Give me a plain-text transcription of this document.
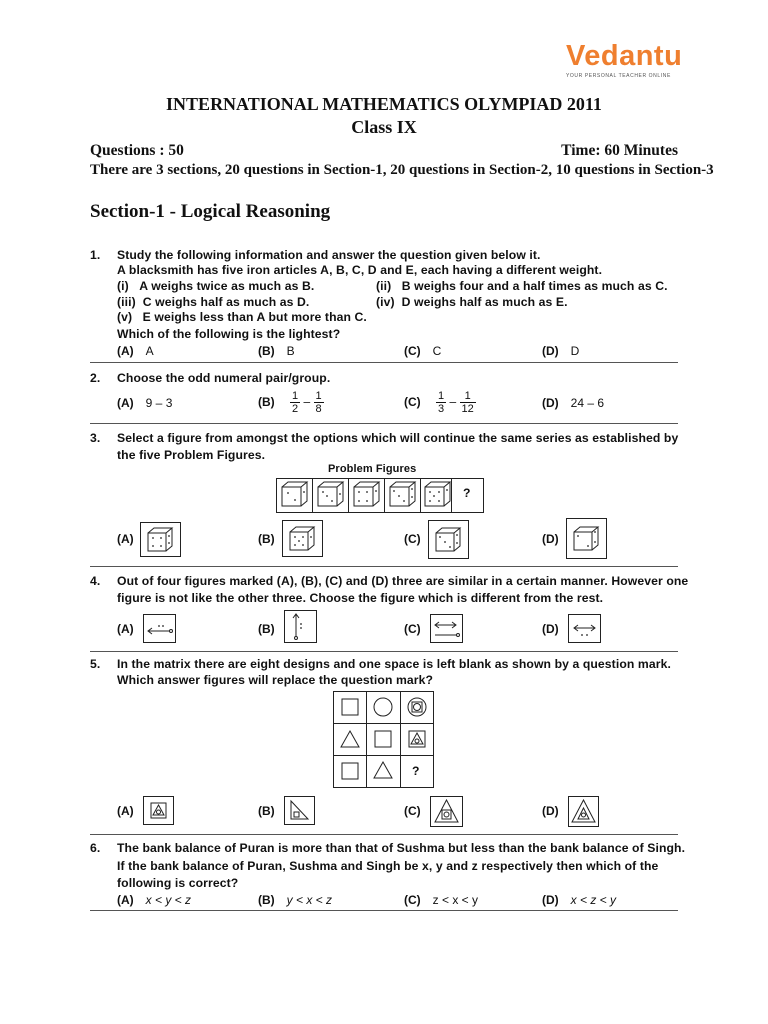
Vedantu
YOUR PERSONAL TEACHER ONLINE
INTERNATIONAL MATHEMATICS OLYMPIAD 2011
Class IX
Questions : 50	Time: 60 Minutes
There are 3 sections, 20 questions in Section-1, 20 questions in Section-2, 10 questions in Section-3
Section-1 - Logical Reasoning
1. Study the following information and answer the question given below it.
A blacksmith has five iron articles A, B, C, D and E, each having a different weight.
(i) A weighs twice as much as B.	(ii) B weighs four and a half times as much as C.
(iii) C weighs half as much as D.	(iv) D weighs half as much as E.
(v) E weighs less than A but more than C.
Which of the following is the lightest?
(A) A	(B) B	(C) C	(D) D
2. Choose the odd numeral pair/group.
(A) 9 – 3	$(B) \frac{1}{2} - \frac{1}{8}$	$(C) \frac{1}{3} - \frac{1}{12}$	(D) 24 – 6
3. Select a figure from amongst the options which will continue the same series as established by
the five Problem Figures.
Problem Figures
?
(A)	(B)	(C)	(D)
4. Out of four figures marked (A), (B), (C) and (D) three are similar in a certain manner. However one
figure is not like the other three. Choose the figure which is different from the rest.
(A)	(B)	(C)	(D)
5. In the matrix there are eight designs and one space is left blank as shown by a question mark.
Which answer figures will replace the question mark?
?
(A)	(B)	(C)	(D)
6. The bank balance of Puran is more than that of Sushma but less than the bank balance of Singh.
If the bank balance of Puran, Sushma and Singh be x, y and z respectively then which of the
following is correct?
(A) x < y < z	(B) y < x < z	(C) z < x < y	(D) x < z < y
